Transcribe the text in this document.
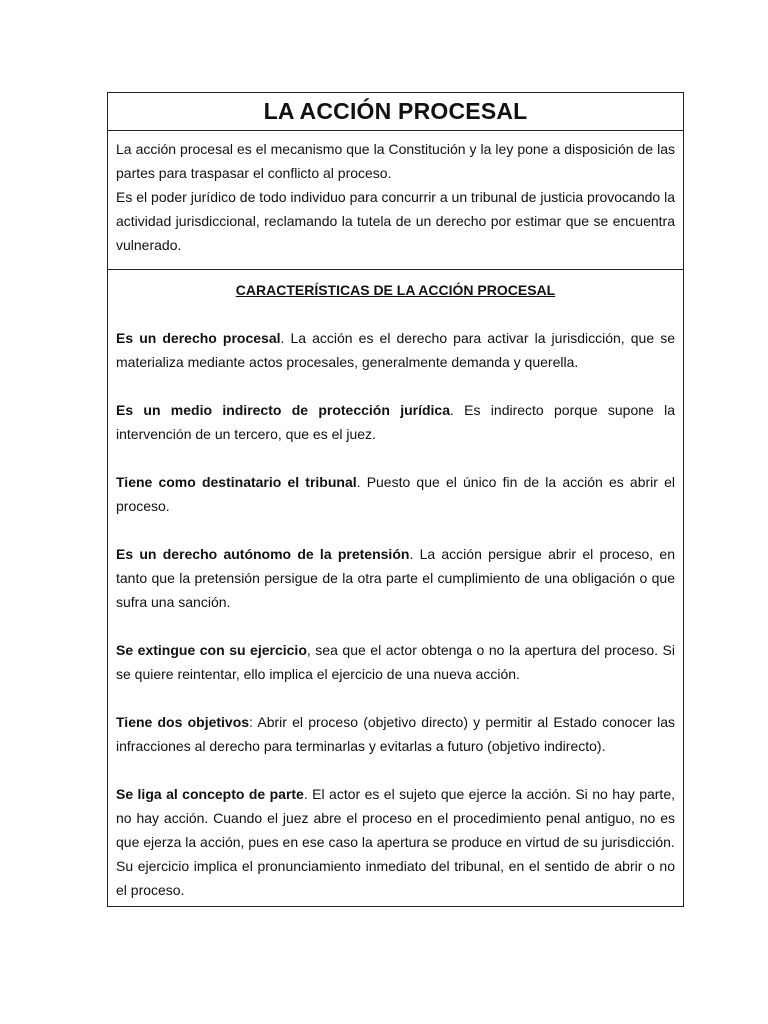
LA ACCIÓN PROCESAL

La acción procesal es el mecanismo que la Constitución y la ley pone a disposición de las partes para traspasar el conflicto al proceso.

Es el poder jurídico de todo individuo para concurrir a un tribunal de justicia provocando la actividad jurisdiccional, reclamando la tutela de un derecho por estimar que se encuentra vulnerado.

CARACTERÍSTICAS DE LA ACCIÓN PROCESAL

Es un derecho procesal. La acción es el derecho para activar la jurisdicción, que se materializa mediante actos procesales, generalmente demanda y querella.

Es un medio indirecto de protección jurídica. Es indirecto porque supone la intervención de un tercero, que es el juez.

Tiene como destinatario el tribunal. Puesto que el único fin de la acción es abrir el proceso.

Es un derecho autónomo de la pretensión. La acción persigue abrir el proceso, en tanto que la pretensión persigue de la otra parte el cumplimiento de una obligación o que sufra una sanción.

Se extingue con su ejercicio, sea que el actor obtenga o no la apertura del proceso. Si se quiere reintentar, ello implica el ejercicio de una nueva acción.

Tiene dos objetivos: Abrir el proceso (objetivo directo) y permitir al Estado conocer las infracciones al derecho para terminarlas y evitarlas a futuro (objetivo indirecto).

Se liga al concepto de parte. El actor es el sujeto que ejerce la acción. Si no hay parte, no hay acción. Cuando el juez abre el proceso en el procedimiento penal antiguo, no es que ejerza la acción, pues en ese caso la apertura se produce en virtud de su jurisdicción.

Su ejercicio implica el pronunciamiento inmediato del tribunal, en el sentido de abrir o no el proceso.
